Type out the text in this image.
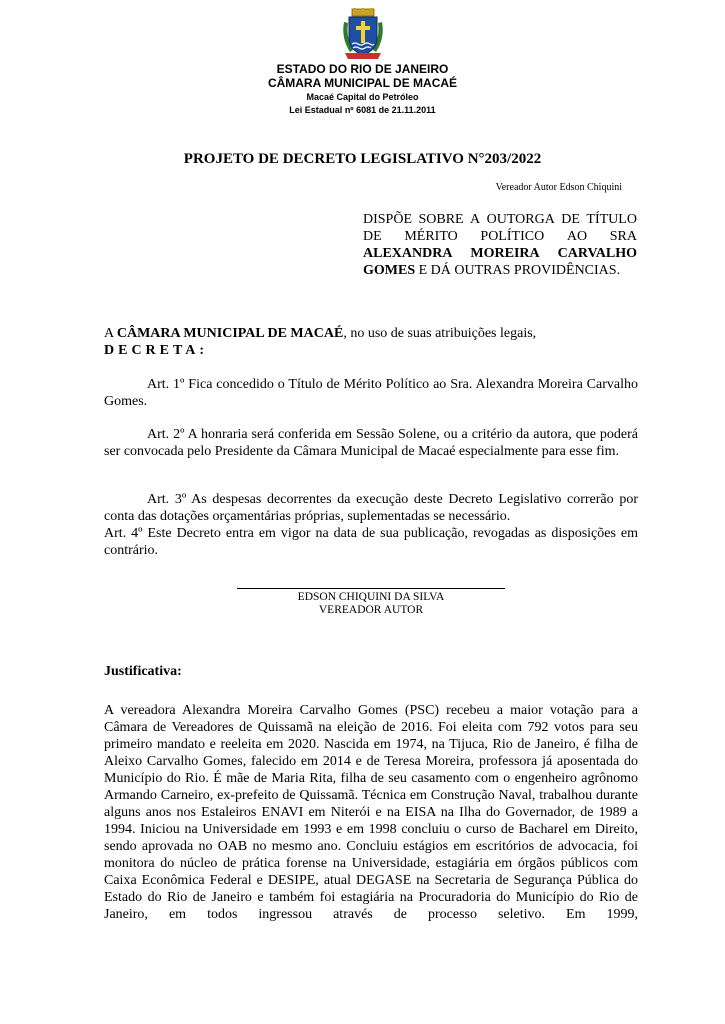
ESTADO DO RIO DE JANEIRO
CÂMARA MUNICIPAL DE MACAÉ
Macaé Capital do Petróleo
Lei Estadual nº 6081 de 21.11.2011
PROJETO DE DECRETO LEGISLATIVO N°203/2022
Vereador Autor Edson Chiquini
DISPÕE SOBRE A OUTORGA DE TÍTULO
DE MÉRITO POLÍTICO AO SRA
ALEXANDRA MOREIRA CARVALHO
GOMES E DÁ OUTRAS PROVIDÊNCIAS.
A CÂMARA MUNICIPAL DE MACAÉ, no uso de suas atribuições legais,
DECRETA:
Art. 1º Fica concedido o Título de Mérito Político ao Sra. Alexandra Moreira Carvalho Gomes.
Art. 2º A honraria será conferida em Sessão Solene, ou a critério da autora, que poderá ser convocada pelo Presidente da Câmara Municipal de Macaé especialmente para esse fim.
Art. 3º As despesas decorrentes da execução deste Decreto Legislativo correrão por conta das dotações orçamentárias próprias, suplementadas se necessário.
Art. 4º Este Decreto entra em vigor na data de sua publicação, revogadas as disposições em contrário.
EDSON CHIQUINI DA SILVA
VEREADOR AUTOR
Justificativa:
A vereadora Alexandra Moreira Carvalho Gomes (PSC) recebeu a maior votação para a Câmara de Vereadores de Quissamã na eleição de 2016. Foi eleita com 792 votos para seu primeiro mandato e reeleita em 2020. Nascida em 1974, na Tijuca, Rio de Janeiro, é filha de Aleixo Carvalho Gomes, falecido em 2014 e de Teresa Moreira, professora já aposentada do Município do Rio. É mãe de Maria Rita, filha de seu casamento com o engenheiro agrônomo Armando Carneiro, ex-prefeito de Quissamã. Técnica em Construção Naval, trabalhou durante alguns anos nos Estaleiros ENAVI em Niterói e na EISA na Ilha do Governador, de 1989 a 1994. Iniciou na Universidade em 1993 e em 1998 concluiu o curso de Bacharel em Direito, sendo aprovada no OAB no mesmo ano. Concluiu estágios em escritórios de advocacia, foi monitora do núcleo de prática forense na Universidade, estagiária em órgãos públicos com Caixa Econômica Federal e DESIPE, atual DEGASE na Secretaria de Segurança Pública do Estado do Rio de Janeiro e também foi estagiária na Procuradoria do Município do Rio de Janeiro, em todos ingressou através de processo seletivo. Em 1999,
